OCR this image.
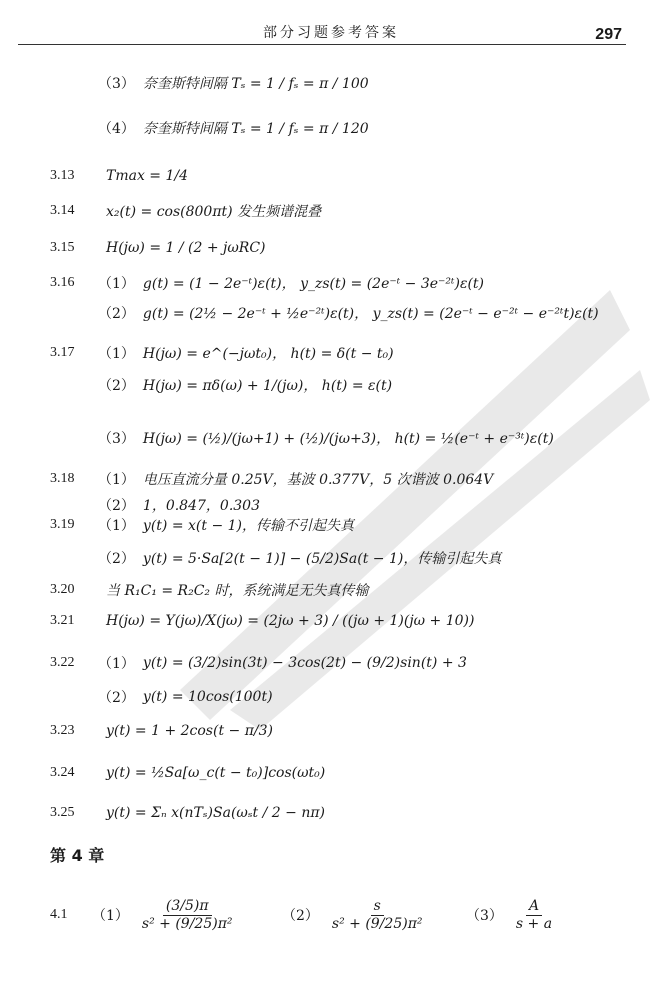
部分习题参考答案	297
（3） 奈奎斯特间隔 Tₛ = 1 / fₛ = π / 100
（4） 奈奎斯特间隔 Tₛ = 1 / fₛ = π / 120
3.13 Tmax = 1/4
3.14 x₂(t) = cos(800πt) 发生频谱混叠
3.15 H(jω) = 1 / (2 + jωRC)
3.16 （1） g(t) = (1 − 2e⁻ᵗ)ε(t)， y_zs(t) = (2e⁻ᵗ − 3e⁻²ᵗ)ε(t)
（2） g(t) = (2½ − 2e⁻ᵗ + ½e⁻²ᵗ)ε(t)， y_zs(t) = (2e⁻ᵗ − e⁻²ᵗ − e⁻²ᵗt)ε(t)
3.17 （1） H(jω) = e^(−jωt₀)， h(t) = δ(t − t₀)
（2） H(jω) = πδ(ω) + 1/(jω)， h(t) = ε(t)
（3） H(jω) = (½)/(jω+1) + (½)/(jω+3)， h(t) = ½(e⁻ᵗ + e⁻³ᵗ)ε(t)
3.18 （1） 电压直流分量 0.25V，基波 0.377V，5 次谐波 0.064V
（2） 1，0.847，0.303
3.19 （1） y(t) = x(t − 1)，传输不引起失真
（2） y(t) = 5·Sa[2(t − 1)] − (5/2)Sa(t − 1)，传输引起失真
3.20 当 R₁C₁ = R₂C₂ 时，系统满足无失真传输
3.21 H(jω) = Y(jω)/X(jω) = (2jω + 3) / ((jω + 1)(jω + 10))
3.22 （1） y(t) = (3/2)sin(3t) − 3cos(2t) − (9/2)sin(t) + 3
（2） y(t) = 10cos(100t)
3.23 y(t) = 1 + 2cos(t − π/3)
3.24 y(t) = ½Sa[ω_c(t − t₀)]cos(ωt₀)
3.25 y(t) = Σₙ x(nTₛ)Sa(ωₛt / 2 − nπ)
第 4 章
4.1 $(1) \frac{(3/5)\pi}{\text{s² + (9/25)π²}}$	$(2) \frac{s}{\text{s² + (9/25)π²}}$	$(3) \frac{A}{s + a}$
